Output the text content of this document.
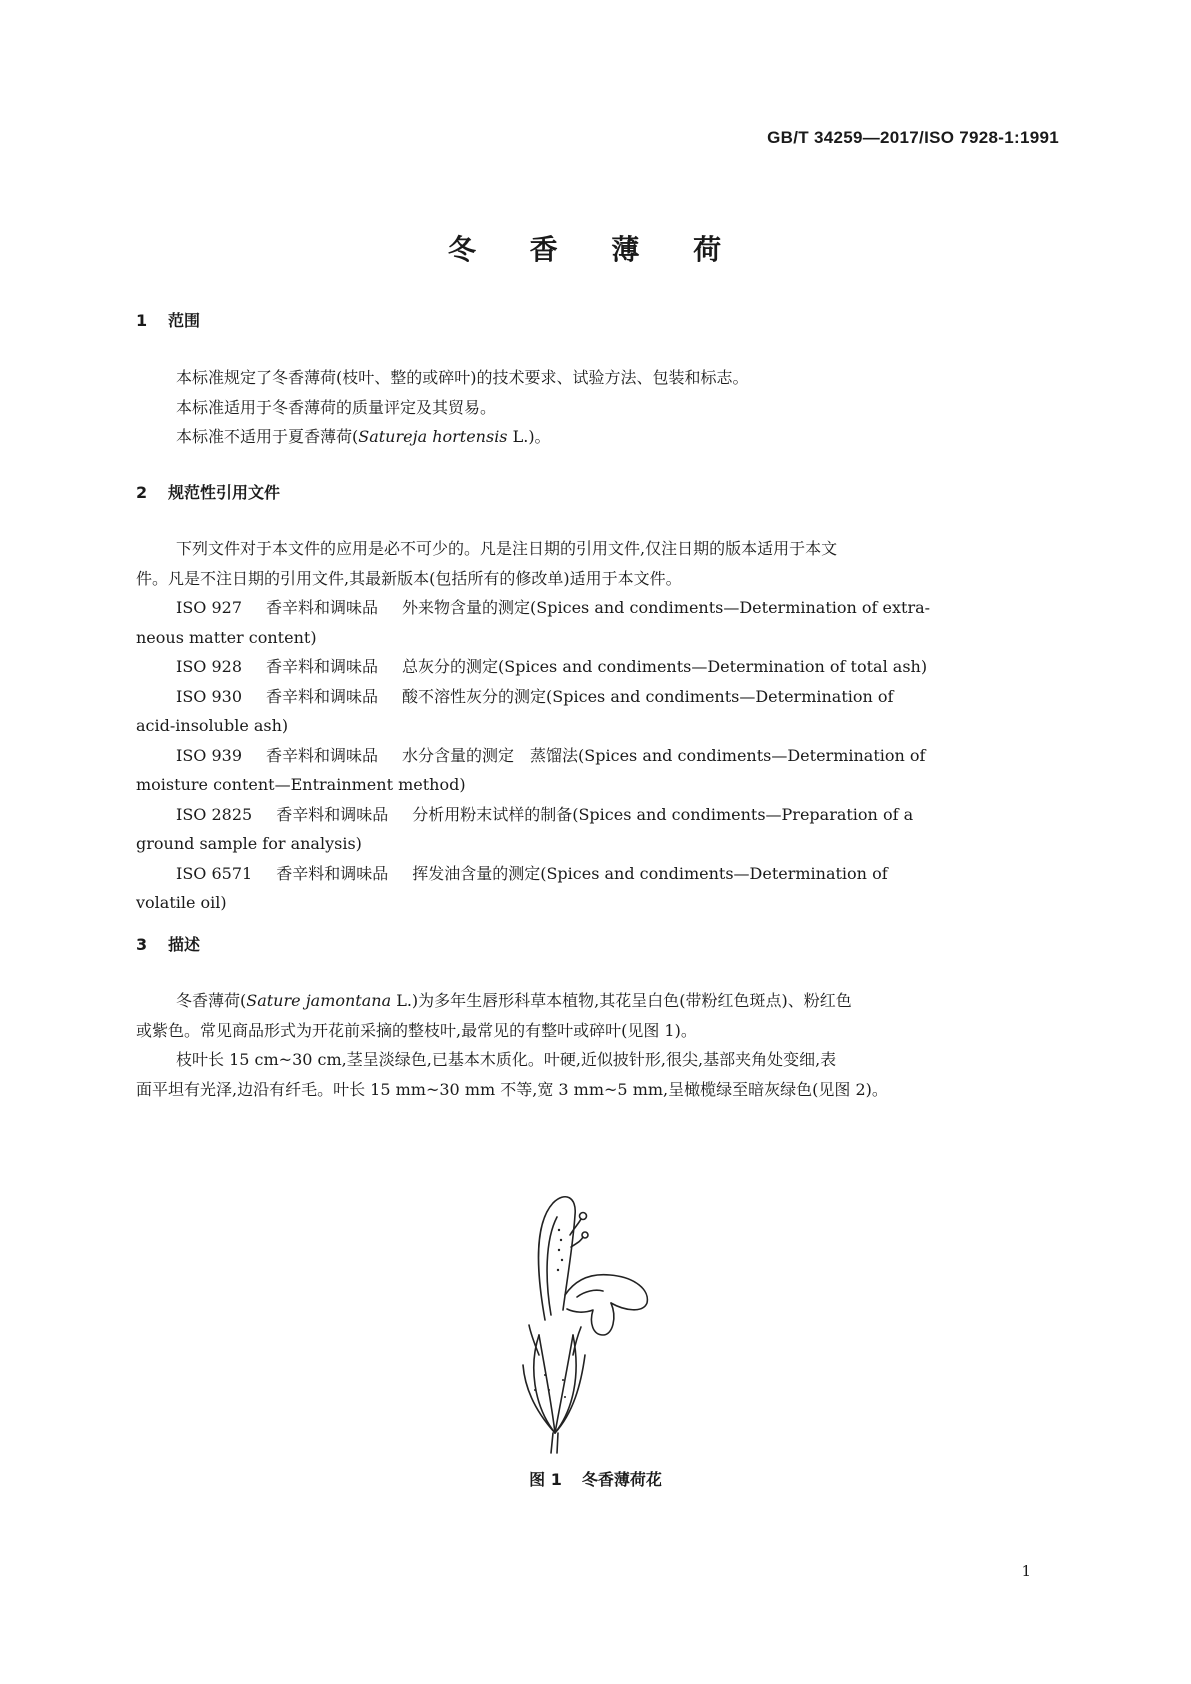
GB/T 34259—2017/ISO 7928-1:1991
冬 香 薄 荷
1 范围
本标准规定了冬香薄荷(枝叶、整的或碎叶)的技术要求、试验方法、包装和标志。
本标准适用于冬香薄荷的质量评定及其贸易。
本标准不适用于夏香薄荷(Satureja hortensis L.)。
2 规范性引用文件
下列文件对于本文件的应用是必不可少的。凡是注日期的引用文件,仅注日期的版本适用于本文
件。凡是不注日期的引用文件,其最新版本(包括所有的修改单)适用于本文件。
ISO 927 香辛料和调味品 外来物含量的测定(Spices and condiments—Determination of extra-
neous matter content)
ISO 928 香辛料和调味品 总灰分的测定(Spices and condiments—Determination of total ash)
ISO 930 香辛料和调味品 酸不溶性灰分的测定(Spices and condiments—Determination of
acid-insoluble ash)
ISO 939 香辛料和调味品 水分含量的测定　蒸馏法(Spices and condiments—Determination of
moisture content—Entrainment method)
ISO 2825 香辛料和调味品 分析用粉末试样的制备(Spices and condiments—Preparation of a
ground sample for analysis)
ISO 6571 香辛料和调味品 挥发油含量的测定(Spices and condiments—Determination of
volatile oil)
3 描述
冬香薄荷(Sature jamontana L.)为多年生唇形科草本植物,其花呈白色(带粉红色斑点)、粉红色
或紫色。常见商品形式为开花前采摘的整枝叶,最常见的有整叶或碎叶(见图 1)。
枝叶长 15 cm~30 cm,茎呈淡绿色,已基本木质化。叶硬,近似披针形,很尖,基部夹角处变细,表
面平坦有光泽,边沿有纤毛。叶长 15 mm~30 mm 不等,宽 3 mm~5 mm,呈橄榄绿至暗灰绿色(见图 2)。
图 1 冬香薄荷花
1
